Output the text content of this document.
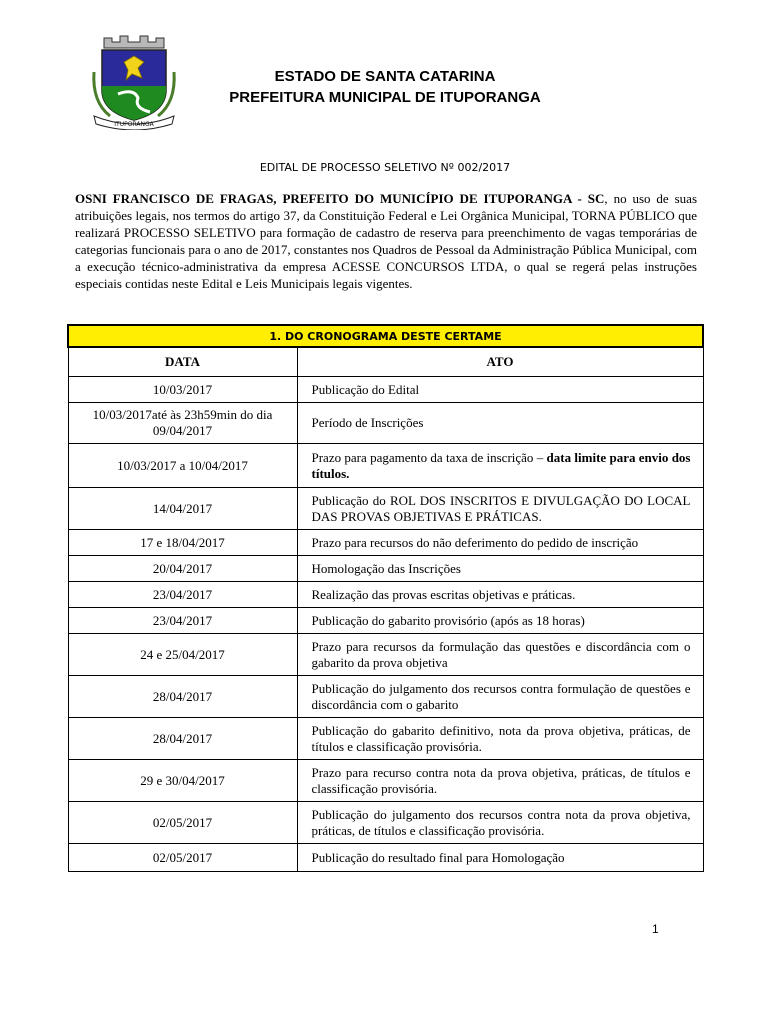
ITUPORANGA
ESTADO DE SANTA CATARINA
PREFEITURA MUNICIPAL DE ITUPORANGA
EDITAL DE PROCESSO SELETIVO Nº 002/2017
OSNI FRANCISCO DE FRAGAS, PREFEITO DO MUNICÍPIO DE ITUPORANGA - SC, no uso de suas atribuições legais, nos termos do artigo 37, da Constituição Federal e Lei Orgânica Municipal, TORNA PÚBLICO que realizará PROCESSO SELETIVO para formação de cadastro de reserva para preenchimento de vagas temporárias de categorias funcionais para o ano de 2017, constantes nos Quadros de Pessoal da Administração Pública Municipal, com a execução técnico-administrativa da empresa ACESSE CONCURSOS LTDA, o qual se regerá pelas instruções especiais contidas neste Edital e Leis Municipais legais vigentes.
1. DO CRONOGRAMA DESTE CERTAME	
DATA	ATO
10/03/2017	Publicação do Edital
10/03/2017até às 23h59min do dia 09/04/2017	Período de Inscrições
10/03/2017 a 10/04/2017	Prazo para pagamento da taxa de inscrição – data limite para envio dos títulos.
14/04/2017	Publicação do ROL DOS INSCRITOS E DIVULGAÇÃO DO LOCAL DAS PROVAS OBJETIVAS E PRÁTICAS.
17 e 18/04/2017	Prazo para recursos do não deferimento do pedido de inscrição
20/04/2017	Homologação das Inscrições
23/04/2017	Realização das provas escritas objetivas e práticas.
23/04/2017	Publicação do gabarito provisório (após as 18 horas)
24 e 25/04/2017	Prazo para recursos da formulação das questões e discordância com o gabarito da prova objetiva
28/04/2017	Publicação do julgamento dos recursos contra formulação de questões e discordância com o gabarito
28/04/2017	Publicação do gabarito definitivo, nota da prova objetiva, práticas, de títulos e classificação provisória.
29 e 30/04/2017	Prazo para recurso contra nota da prova objetiva, práticas, de títulos e classificação provisória.
02/05/2017	Publicação do julgamento dos recursos contra nota da prova objetiva, práticas, de títulos e classificação provisória.
02/05/2017	Publicação do resultado final para Homologação
1
